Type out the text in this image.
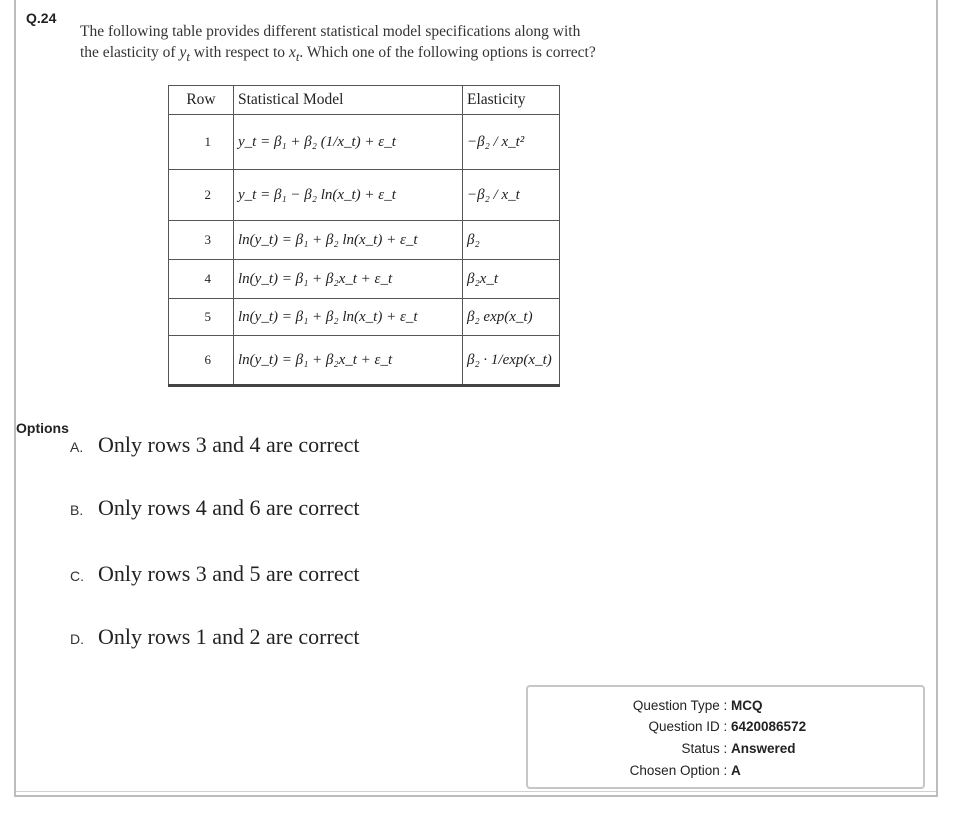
Q.24
The following table provides different statistical model specifications along with
the elasticity of $y_t$ with respect to $x_t$. Which one of the following options is correct?
Row	Statistical Model	Elasticity
1	y_t = β₁ + β₂ (1/x_t) + ε_t	−β₂ / x_t²
2	y_t = β₁ − β₂ ln(x_t) + ε_t	−β₂ / x_t
3	ln(y_t) = β₁ + β₂ ln(x_t) + ε_t	β₂
4	ln(y_t) = β₁ + β₂x_t + ε_t	β₂x_t
5	ln(y_t) = β₁ + β₂ ln(x_t) + ε_t	β₂ exp(x_t)
6	ln(y_t) = β₁ + β₂x_t + ε_t	β₂ · 1/exp(x_t)
Options
A. Only rows 3 and 4 are correct
B. Only rows 4 and 6 are correct
C. Only rows 3 and 5 are correct
D. Only rows 1 and 2 are correct
Question Type : MCQ
Question ID : 6420086572
Status : Answered
Chosen Option : A
